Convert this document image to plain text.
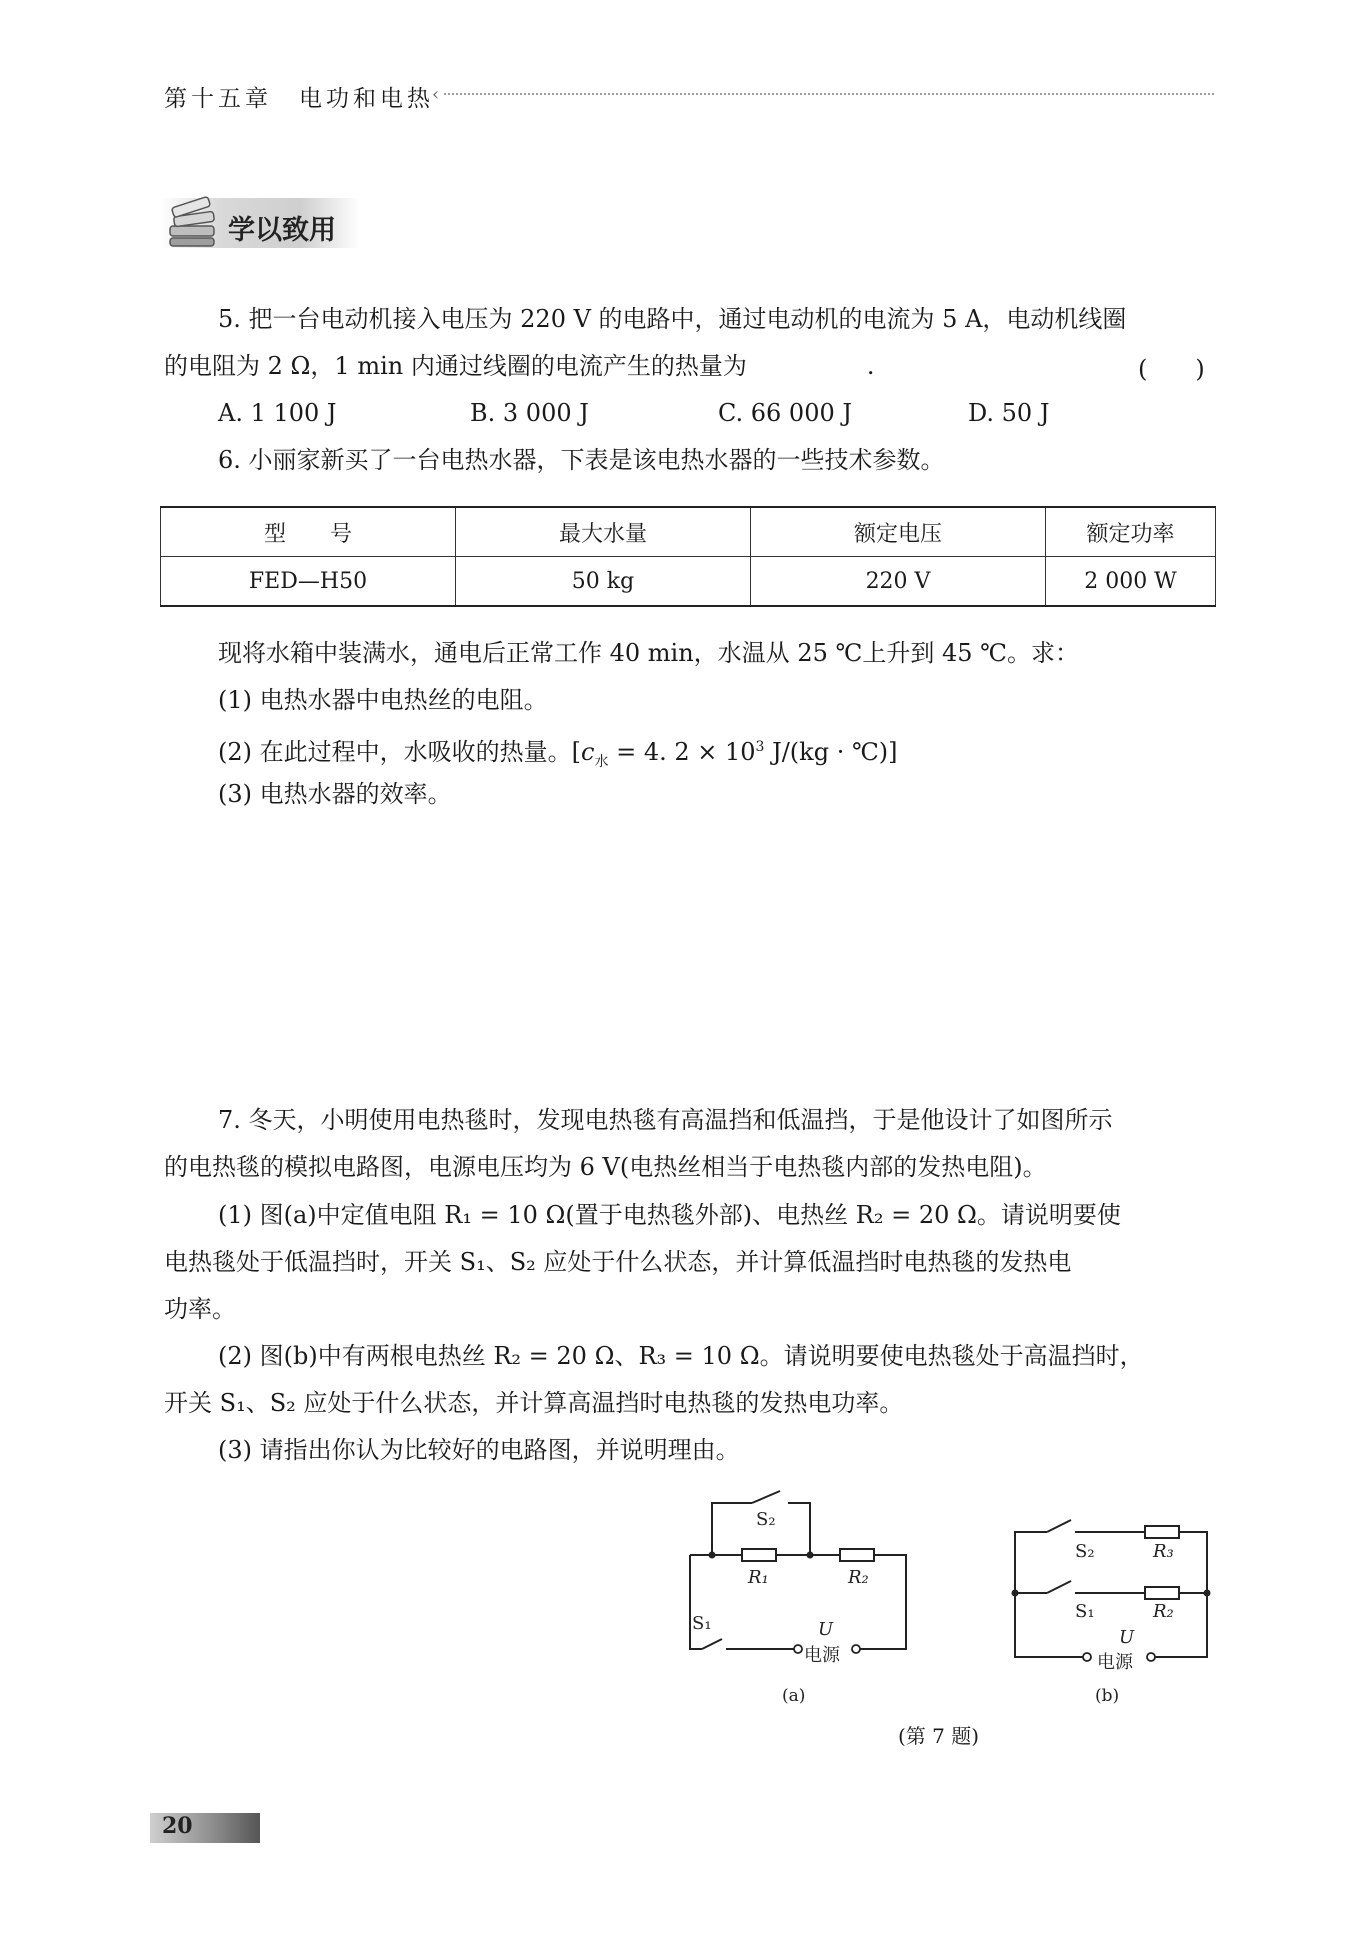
第十五章　电功和电热
‹
学以致用
5. 把一台电动机接入电压为 220 V 的电路中，通过电动机的电流为 5 A，电动机线圈
的电阻为 2 Ω，1 min 内通过线圈的电流产生的热量为　　　　　.	(　　)
A. 1 100 J	B. 3 000 J	C. 66 000 J	D. 50 J
6. 小丽家新买了一台电热水器，下表是该电热水器的一些技术参数。
型　　号	最大水量	额定电压	额定功率
FED—H50	50 kg	220 V	2 000 W
现将水箱中装满水，通电后正常工作 40 min，水温从 25 ℃上升到 45 ℃。求：
(1) 电热水器中电热丝的电阻。
(2) 在此过程中，水吸收的热量。[$c_水 = 4$. $2 \times 10^3$ J/(kg · ℃)]
(3) 电热水器的效率。
7. 冬天，小明使用电热毯时，发现电热毯有高温挡和低温挡，于是他设计了如图所示
的电热毯的模拟电路图，电源电压均为 6 V(电热丝相当于电热毯内部的发热电阻)。
(1) 图(a)中定值电阻 R₁ = 10 Ω(置于电热毯外部)、电热丝 R₂ = 20 Ω。请说明要使
电热毯处于低温挡时，开关 S₁、S₂ 应处于什么状态，并计算低温挡时电热毯的发热电
功率。
(2) 图(b)中有两根电热丝 R₂ = 20 Ω、R₃ = 10 Ω。请说明要使电热毯处于高温挡时，
开关 S₁、S₂ 应处于什么状态，并计算高温挡时电热毯的发热电功率。
(3) 请指出你认为比较好的电路图，并说明理由。
S₂
R₁	R₂
S₁	U
电源
(a)
S₂	R₃
S₁	R₂
U
电源
(b)
(第 7 题)
20
